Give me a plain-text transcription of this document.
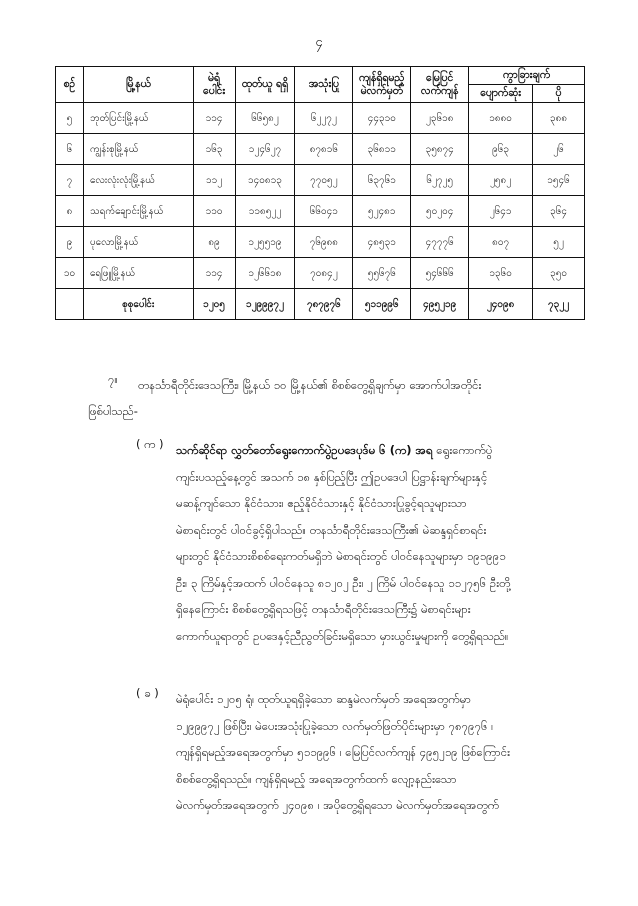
၄
စဉ်	မြို့နယ်	မဲရုံ ပေါင်း	ထုတ်ယူ ရရှိ	အသုံးပြု	ကျန်ရှိရမည့် မဲလက်မှတ်	မြေပြင် လက်ကျန်	ကွာခြားချက်	
							ပျောက်ဆုံး	ပို
၅	ဘုတ်ပြင်းမြို့နယ်	၁၁၄	၆၆၅၈၂	၆၂၂၇၂	၄၄၃၁၀	၂၃၆၁၈	၁၈၈၀	၃၈၈
၆	ကျွန်းစုမြို့နယ်	၁၆၃	၁၂၄၆၂၇	၈၇၈၁၆	၃၆၈၁၁	၃၅၈၇၄	၉၆၃	၂၆
၇	လေးလုံးလုံးမြို့နယ်	၁၁၂	၁၄၀၈၁၃	၇၇၀၅၂	၆၃၇၆၁	၆၂၇၂၅	၂၅၈၂	၁၅၄၆
၈	သရက်ချောင်းမြို့နယ်	၁၁၀	၁၁၈၅၂၂	၆၆၀၄၁	၅၂၄၈၁	၅၀၂၀၄	၂၆၄၁	၃၆၄
၉	ပုလောမြို့နယ်	၈၉	၁၂၅၅၁၉	၇၆၉၈၈	၄၈၅၃၁	၄၇၇၇၆	၈၀၇	၅၂
၁၀	ရေဖြူမြို့နယ်	၁၁၄	၁၂၆၆၁၈	၇၀၈၄၂	၅၅၆၇၆	၅၄၆၆၆	၁၃၆၀	၃၅၀
	စုစုပေါင်း	၁၂၀၅	၁၂၉၉၉၇၂	၇၈၇၉၇၆	၅၁၁၉၉၆	၄၉၅၂၁၉	၂၄၀၉၈	၇၃၂၂
၇။ တနင်္သာရီတိုင်းဒေသကြီး၊ မြို့နယ် ၁၀ မြို့နယ်၏ စိစစ်တွေ့ရှိချက်မှာ အောက်ပါအတိုင်း
ဖြစ်ပါသည်-
( က ) သက်ဆိုင်ရာ လွှတ်တော်ရွေးကောက်ပွဲဥပဒေပုဒ်မ ၆ (က) အရ ရွေးကောက်ပွဲ
ကျင်းပသည့်နေ့တွင် အသက် ၁၈ နှစ်ပြည့်ပြီး ဤဥပဒေပါ ပြဋ္ဌာန်းချက်များနှင့်
မဆန့်ကျင်သော နိုင်ငံသား၊ ဧည့်နိုင်ငံသားနှင့် နိုင်ငံသားပြုခွင့်ရသူများသာ
မဲစာရင်းတွင် ပါဝင်ခွင့်ရှိပါသည်။ တနင်္သာရီတိုင်းဒေသကြီး၏ မဲဆန္ဒရှင်စာရင်း
များတွင် နိုင်ငံသားစိစစ်ရေးကတ်မရှိဘဲ မဲစာရင်းတွင် ပါဝင်နေသူများမှာ ၁၉၁၉၉၁
ဦး၊ ၃ ကြိမ်နှင့်အထက် ပါဝင်နေသူ ၈၁၂၀၂ ဦး၊ ၂ ကြိမ် ပါဝင်နေသူ ၁၁၂၇၅၆ ဦးတို့
ရှိနေကြောင်း စိစစ်တွေ့ရှိရသဖြင့် တနင်္သာရီတိုင်းဒေသကြီး၌ မဲစာရင်းများ
ကောက်ယူရာတွင် ဥပဒေနှင့်ညီညွတ်ခြင်းမရှိသော မှားယွင်းမှုများကို တွေ့ရှိရသည်။
( ခ ) မဲရုံပေါင်း ၁၂၀၅ ရုံ၊ ထုတ်ယူရရှိခဲ့သော ဆန္ဒမဲလက်မှတ် အရေအတွက်မှာ
၁၂၉၉၉၇၂ ဖြစ်ပြီး၊ မဲပေးအသုံးပြုခဲ့သော လက်မှတ်ဖြတ်ပိုင်းများမှာ ၇၈၇၉၇၆ ၊
ကျန်ရှိရမည့်အရေအတွက်မှာ ၅၁၁၉၉၆ ၊ မြေပြင်လက်ကျန် ၄၉၅၂၁၉ ဖြစ်ကြောင်း
စိစစ်တွေ့ရှိရသည်။ ကျန်ရှိရမည့် အရေအတွက်ထက် လျော့နည်းသော
မဲလက်မှတ်အရေအတွက် ၂၄၀၉၈ ၊ အပိုတွေ့ရှိရသော မဲလက်မှတ်အရေအတွက်
